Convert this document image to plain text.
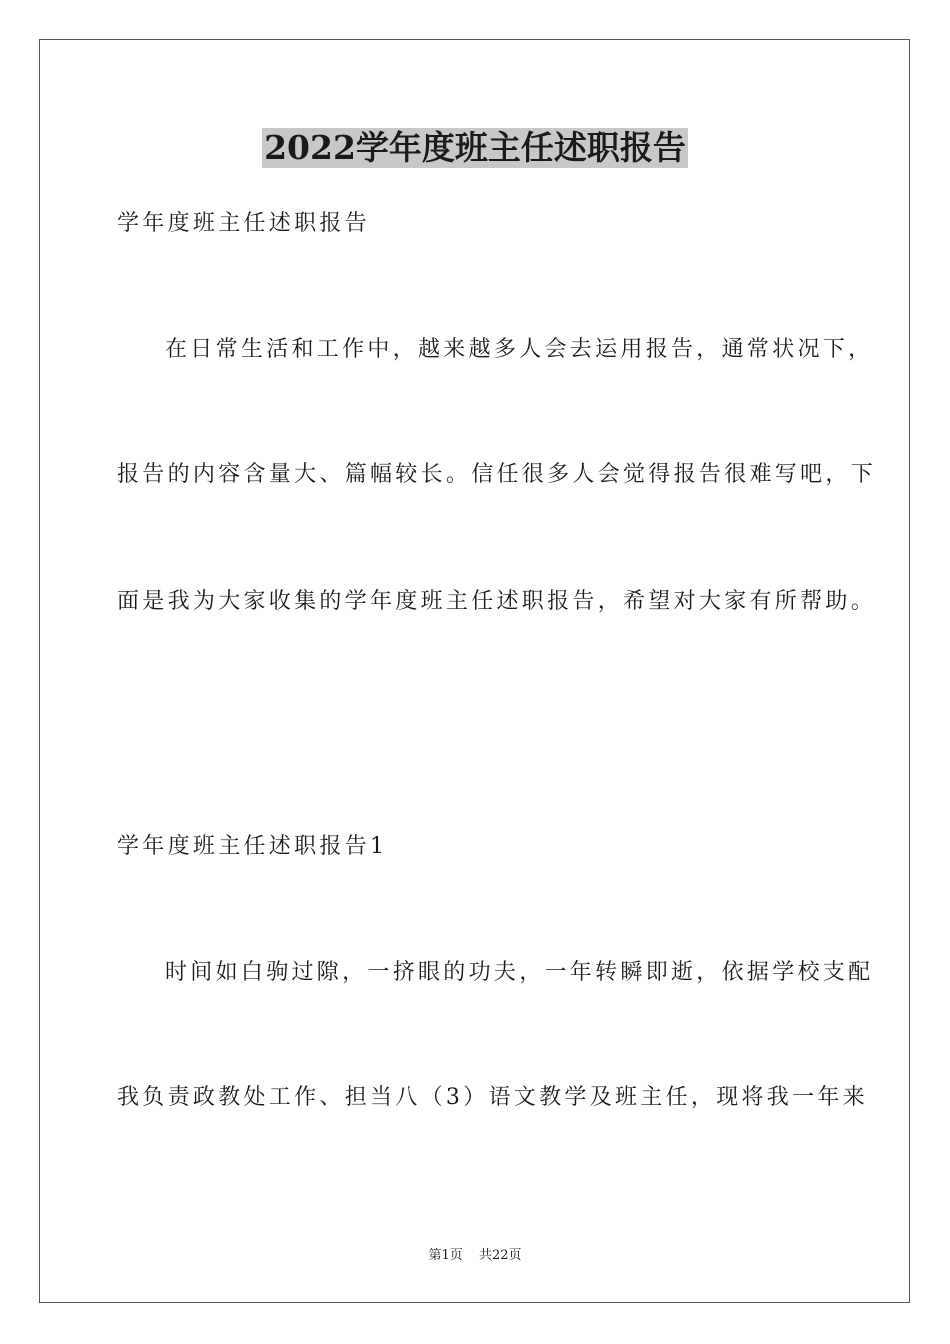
2022学年度班主任述职报告
学年度班主任述职报告
在日常生活和工作中，越来越多人会去运用报告，通常状况下，
报告的内容含量大、篇幅较长。信任很多人会觉得报告很难写吧，下
面是我为大家收集的学年度班主任述职报告，希望对大家有所帮助。
学年度班主任述职报告1
时间如白驹过隙，一挤眼的功夫，一年转瞬即逝，依据学校支配
我负责政教处工作、担当八（3）语文教学及班主任，现将我一年来
第1页 共22页
